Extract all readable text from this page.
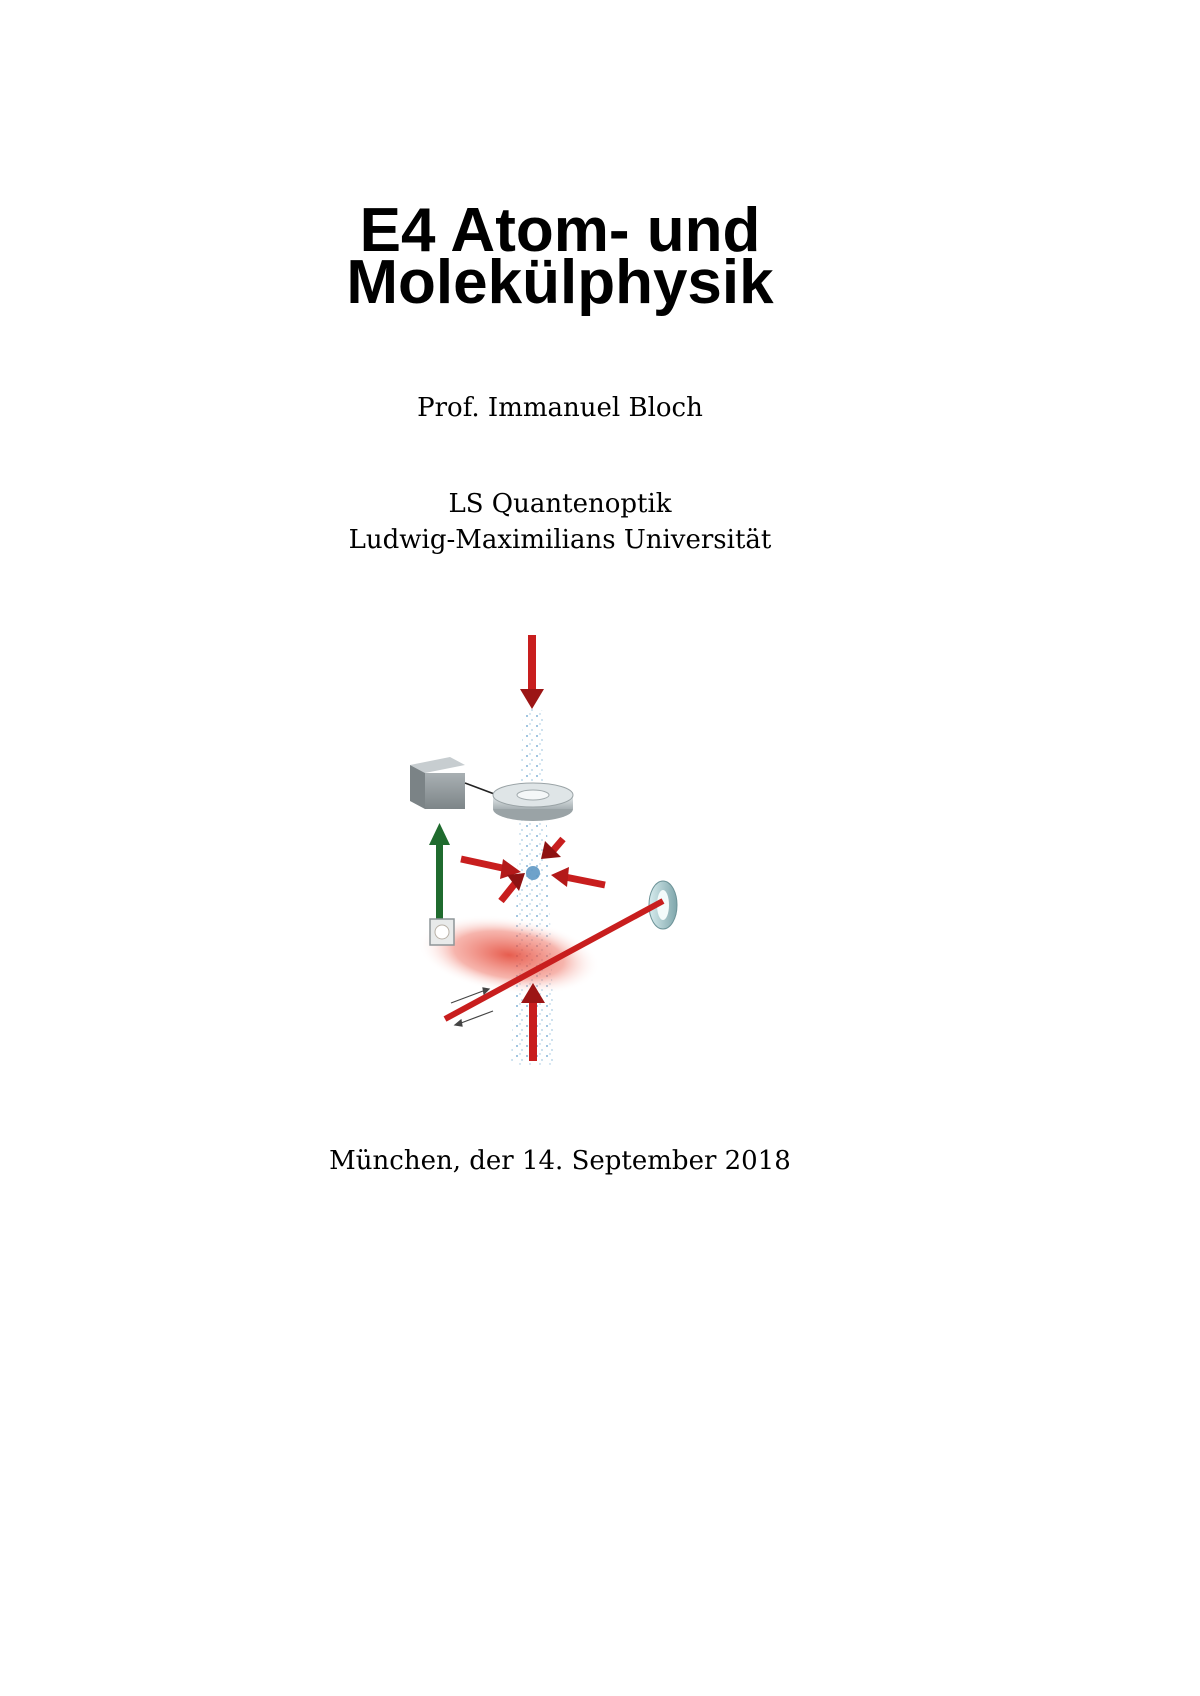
E4 Atom- und
Molekülphysik
Prof. Immanuel Bloch
LS Quantenoptik
Ludwig-Maximilians Universität
München, der 14. September 2018
